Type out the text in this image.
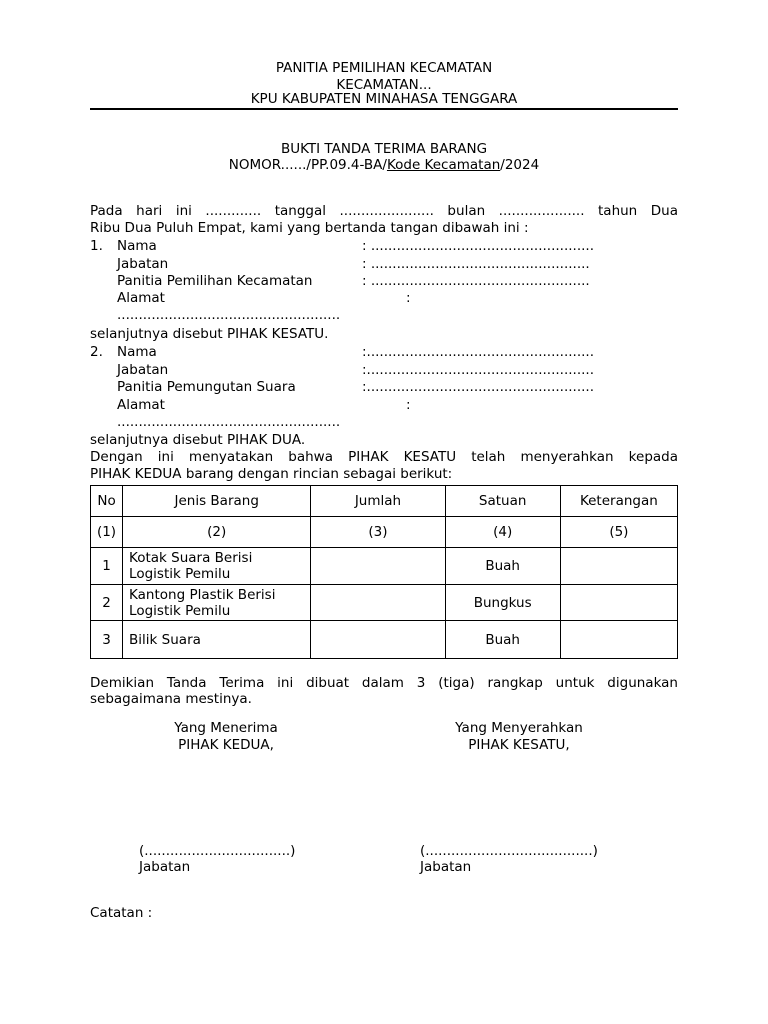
PANITIA PEMILIHAN KECAMATAN
KECAMATAN...
KPU KABUPATEN MINAHASA TENGGARA
BUKTI TANDA TERIMA BARANG
NOMOR....../PP.09.4-BA/Kode Kecamatan/2024
Pada hari ini ............. tanggal ...................... bulan .................... tahun Dua
Ribu Dua Puluh Empat, kami yang bertanda tangan dibawah ini :
1. Nama	: ....................................................
Jabatan	: ...................................................
Panitia Pemilihan Kecamatan	: ...................................................
Alamat	:
....................................................
selanjutnya disebut PIHAK KESATU.
2. Nama	:.....................................................
Jabatan	:.....................................................
Panitia Pemungutan Suara	:.....................................................
Alamat	:
....................................................
selanjutnya disebut PIHAK DUA.
Dengan ini menyatakan bahwa PIHAK KESATU telah menyerahkan kepada
PIHAK KEDUA barang dengan rincian sebagai berikut:
No	Jenis Barang	Jumlah	Satuan	Keterangan
(1)	(2)	(3)	(4)	(5)
1	Kotak Suara Berisi
Logistik Pemilu		Buah	
2	Kantong Plastik Berisi
Logistik Pemilu		Bungkus	
3	Bilik Suara		Buah	
Demikian Tanda Terima ini dibuat dalam 3 (tiga) rangkap untuk digunakan
sebagaimana mestinya.
Yang Menerima
PIHAK KEDUA,
Yang Menyerahkan
PIHAK KESATU,
(..................................)
Jabatan
(.......................................)
Jabatan
Catatan :
